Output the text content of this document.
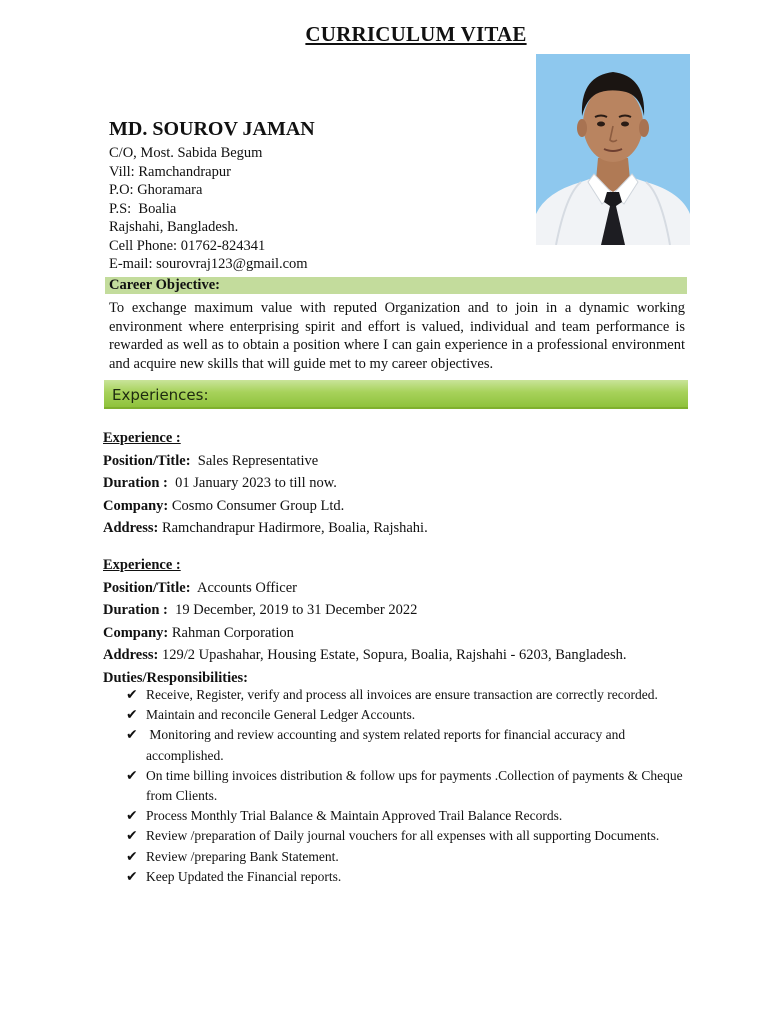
CURRICULUM VITAE
MD. SOUROV JAMAN
C/O, Most. Sabida Begum
Vill: Ramchandrapur
P.O: Ghoramara
P.S:  Boalia
Rajshahi, Bangladesh.
Cell Phone: 01762-824341
E-mail: sourovraj123@gmail.com
Career Objective:
To exchange maximum value with reputed Organization and to join in a dynamic working environment where enterprising spirit and effort is valued, individual and team performance is rewarded as well as to obtain a position where I can gain experience in a professional environment and acquire new skills that will guide met to my career objectives.
Experiences:
Experience :
Position/Title: Sales Representative
Duration : 01 January 2023 to till now.
Company: Cosmo Consumer Group Ltd.
Address: Ramchandrapur Hadirmore, Boalia, Rajshahi.
Experience :
Position/Title: Accounts Officer
Duration : 19 December, 2019 to 31 December 2022
Company: Rahman Corporation
Address: 129/2 Upashahar, Housing Estate, Sopura, Boalia, Rajshahi - 6203, Bangladesh.
Duties/Responsibilities:
✔ Receive, Register, verify and process all invoices are ensure transaction are correctly recorded.
✔ Maintain and reconcile General Ledger Accounts.
✔ Monitoring and review accounting and system related reports for financial accuracy and accomplished.
✔ On time billing invoices distribution & follow ups for payments .Collection of payments & Cheque from Clients.
✔ Process Monthly Trial Balance & Maintain Approved Trail Balance Records.
✔ Review /preparation of Daily journal vouchers for all expenses with all supporting Documents.
✔ Review /preparing Bank Statement.
✔ Keep Updated the Financial reports.
